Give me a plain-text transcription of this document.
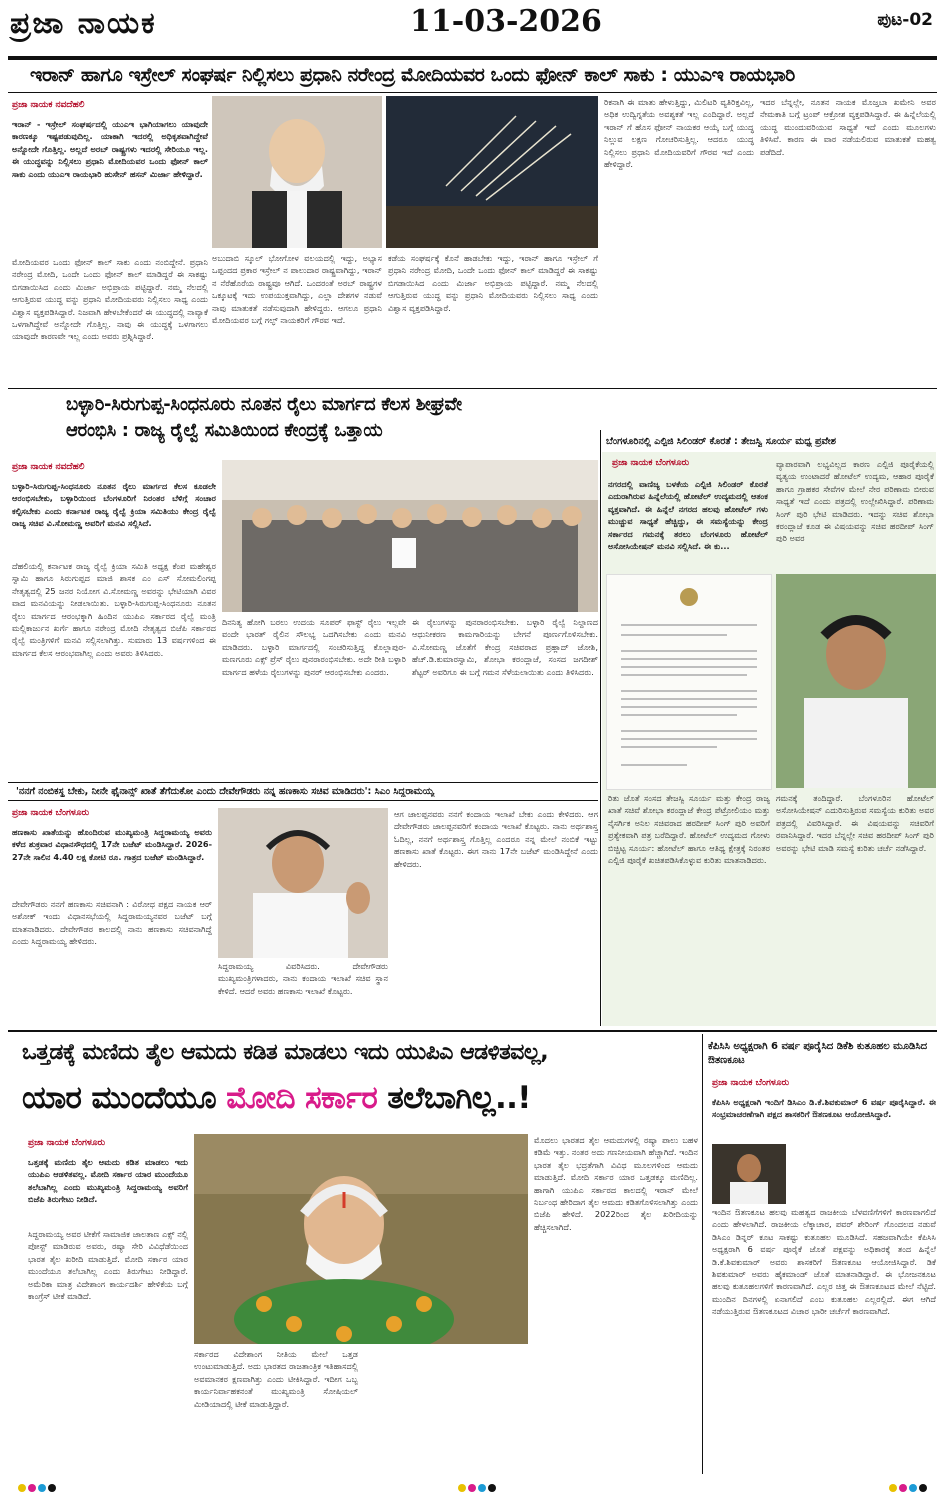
ಪ್ರಜಾ ನಾಯಕ	11-03-2026	ಪುಟ-02
ಇರಾನ್ ಹಾಗೂ ಇಸ್ರೇಲ್ ಸಂಘರ್ಷ ನಿಲ್ಲಿಸಲು ಪ್ರಧಾನಿ ನರೇಂದ್ರ ಮೋದಿಯವರ ಒಂದು ಫೋನ್ ಕಾಲ್ ಸಾಕು : ಯುಎಇ ರಾಯಭಾರಿ
ಪ್ರಜಾ ನಾಯಕ ನವದೆಹಲಿ
ಇರಾನ್ - ಇಸ್ರೇಲ್ ಸಂಘರ್ಷದಲ್ಲಿ ಯುಎಇ ಭಾಗಿಯಾಗಲು ಯಾವುದೇ ಕಾರಣಕ್ಕೂ ಇಷ್ಟಪಡುವುದಿಲ್ಲ. ಯಾಕಾಗಿ ಇದರಲ್ಲಿ ಅಧಿಕೃತವಾಗಿದ್ದೇವೆ ಅನ್ನೋದೇ ಗೊತ್ತಿಲ್ಲ. ಅಲ್ಲದೆ ಅರಬ್ ರಾಷ್ಟ್ರಗಳು ಇದರಲ್ಲಿ ಸೇರಿಯೂ ಇಲ್ಲ. ಈ ಯುದ್ಧವನ್ನು ನಿಲ್ಲಿಸಲು ಪ್ರಧಾನಿ ಮೋದಿಯವರ ಒಂದು ಫೋನ್ ಕಾಲ್ ಸಾಕು ಎಂದು ಯುಎಇ ರಾಯಭಾರಿ ಹುಸೇನ್ ಹಸನ್ ಮಿರ್ಜಾ ಹೇಳಿದ್ದಾರೆ.
ಮೋದಿಯವರ ಒಂದು ಫೋನ್ ಕಾಲ್ ಸಾಕು ಎಂದು ನಂಬಿದ್ದೇನೆ. ಪ್ರಧಾನಿ ನರೇಂದ್ರ ಮೋದಿ, ಒಂದೇ ಒಂದು ಫೋನ್ ಕಾಲ್ ಮಾಡಿದ್ದರೆ ಈ ಸಾಕಷ್ಟು ಬಿಗಡಾಯಿಸಿದ ಎಂದು ಮಿರ್ಜಾ ಅಭಿಪ್ರಾಯ ಪಟ್ಟಿದ್ದಾರೆ. ನಮ್ಮ ನೆಲದಲ್ಲಿ ಆಗುತ್ತಿರುವ ಯುದ್ಧ ವನ್ನು ಪ್ರಧಾನಿ ಮೋದಿಯವರು ನಿಲ್ಲಿಸಲು ಸಾಧ್ಯ ಎಂದು ವಿಶ್ವಾಸ ವ್ಯಕ್ತಪಡಿಸಿದ್ದಾರೆ. ನಿಜವಾಗಿ ಹೇಳಬೇಕೆಂದರೆ ಈ ಯುದ್ಧದಲ್ಲಿ ನಾವ್ಯಾಕೆ ಒಳಗಾಗಿದ್ದೇವೆ ಅನ್ನೋದೇ ಗೊತ್ತಿಲ್ಲ. ನಾವು ಈ ಯುದ್ಧಕ್ಕೆ ಒಳಗಾಗಲು ಯಾವುದೇ ಕಾರಣವೇ ಇಲ್ಲ ಎಂದು ಅವರು ಪ್ರಶ್ನಿಸಿದ್ದಾರೆ.
ಅಬುದಾಬಿ ಸ್ಕೂಲ್ ಭೋಗೋಳ ವಲಯದಲ್ಲಿ ಇದ್ದು, ಅಭ್ಯಾಸ ಒಪ್ಪಂದದ ಪ್ರಕಾರ ಇಸ್ರೇಲ್ ನ ಪಾಲುದಾರ ರಾಷ್ಟ್ರವಾಗಿದ್ದು, ಇರಾನ್ ನ ನೆರೆಹೊರೆಯ ರಾಷ್ಟ್ರವೂ ಆಗಿದೆ. ಒಂದರಂತೆ ಅರಬ್ ರಾಷ್ಟ್ರಗಳ ಒಕ್ಕೂಟಕ್ಕೆ ಇದು ಉಪಯುಕ್ತವಾಗಿದ್ದು, ಎಲ್ಲಾ ದೇಶಗಳ ನಡುವೆ ನಾವು ಮಾತುಕತೆ ನಡೆಸುವುದಾಗಿ ಹೇಳಿದ್ದರು. ಆಗಲೂ ಪ್ರಧಾನಿ ಮೋದಿಯವರ ಬಗ್ಗೆ ಗಲ್ಫ್ ನಾಯಕರಿಗೆ ಗೌರವ ಇದೆ.
ಕಡೆಯ ಸಂಘರ್ಷಕ್ಕೆ ಕೊನೆ ಹಾಡಬೇಕು ಇದ್ದು, ಇರಾನ್ ಹಾಗೂ ಇಸ್ರೇಲ್ ಗೆ ಪ್ರಧಾನಿ ನರೇಂದ್ರ ಮೋದಿ, ಒಂದೇ ಒಂದು ಫೋನ್ ಕಾಲ್ ಮಾಡಿದ್ದರೆ ಈ ಸಾಕಷ್ಟು ಬಿಗಡಾಯಿಸಿದ ಎಂದು ಮಿರ್ಜಾ ಅಭಿಪ್ರಾಯ ಪಟ್ಟಿದ್ದಾರೆ. ನಮ್ಮ ನೆಲದಲ್ಲಿ ಆಗುತ್ತಿರುವ ಯುದ್ಧ ವನ್ನು ಪ್ರಧಾನಿ ಮೋದಿಯವರು ನಿಲ್ಲಿಸಲು ಸಾಧ್ಯ ಎಂದು ವಿಶ್ವಾಸ ವ್ಯಕ್ತಪಡಿಸಿದ್ದಾರೆ.
ರಿಕನಾಗಿ ಈ ಮಾತು ಹೇಳುತ್ತಿದ್ದು, ಮಿಲಿಟರಿ ವ್ಯತಿರಿಕ್ತವಿಲ್ಲ, ಅಧಿಕ ಉದ್ವಿಗ್ನತೆಯ ಅವಶ್ಯಕತೆ ಇಲ್ಲ ಎಂದಿದ್ದಾರೆ. ಅಲ್ಲದೆ ಇರಾನ್ ಗೆ ಹೊಸ ಫೋನ್ ನಾಯಕರ ಆಯ್ಕೆ ಬಗ್ಗೆ ಯುದ್ಧ ನಿಲ್ಲುವ ಲಕ್ಷಣ ಗೋಚರಿಸುತ್ತಿಲ್ಲ. ಆದರೂ ಯುದ್ಧ ನಿಲ್ಲಿಸಲು ಪ್ರಧಾನಿ ಮೋದಿಯವರಿಗೆ ಗೌರವ ಇದೆ ಎಂದು ಹೇಳಿದ್ದಾರೆ.
ಇದರ ಬೆನ್ನಲ್ಲೇ, ನೂತನ ನಾಯಕ ಮೊಜ್ತಬಾ ಖಮೇನಿ ಅವರ ನೇಮಕಾತಿ ಬಗ್ಗೆ ಟ್ರಂಪ್ ಆಕ್ರೋಶ ವ್ಯಕ್ತಪಡಿಸಿದ್ದಾರೆ. ಈ ಹಿನ್ನೆಲೆಯಲ್ಲಿ ಯುದ್ಧ ಮುಂದುವರಿಯುವ ಸಾಧ್ಯತೆ ಇದೆ ಎಂದು ಮೂಲಗಳು ತಿಳಿಸಿವೆ. ಕಾರಣ ಈ ವಾರ ನಡೆಯಲಿರುವ ಮಾತುಕತೆ ಮಹತ್ವ ಪಡೆದಿದೆ.
ಬಳ್ಳಾರಿ-ಸಿರುಗುಪ್ಪ-ಸಿಂಧನೂರು ನೂತನ ರೈಲು ಮಾರ್ಗದ ಕೆಲಸ ಶೀಘ್ರವೇ
ಆರಂಭಿಸಿ : ರಾಜ್ಯ ರೈಲ್ವೆ ಸಮಿತಿಯಿಂದ ಕೇಂದ್ರಕ್ಕೆ ಒತ್ತಾಯ
ಪ್ರಜಾ ನಾಯಕ ನವದೆಹಲಿ
ಬಳ್ಳಾರಿ-ಸಿರುಗುಪ್ಪ-ಸಿಂಧನೂರು ನೂತನ ರೈಲು ಮಾರ್ಗದ ಕೆಲಸ ಕೂಡಲೇ ಆರಂಭಿಸಬೇಕು, ಬಳ್ಳಾರಿಯಿಂದ ಬೆಂಗಳೂರಿಗೆ ನಿರಂತರ ಬೆಳಿಗ್ಗೆ ಸಂಚಾರ ಕಲ್ಪಿಸಬೇಕು ಎಂದು ಕರ್ನಾಟಕ ರಾಜ್ಯ ರೈಲ್ವೆ ಕ್ರಿಯಾ ಸಮಿತಿಯು ಕೇಂದ್ರ ರೈಲ್ವೆ ರಾಜ್ಯ ಸಚಿವ ವಿ.ಸೋಮಣ್ಣ ಅವರಿಗೆ ಮನವಿ ಸಲ್ಲಿಸಿದೆ.
ದೆಹಲಿಯಲ್ಲಿ ಕರ್ನಾಟಕ ರಾಜ್ಯ ರೈಲ್ವೆ ಕ್ರಿಯಾ ಸಮಿತಿ ಅಧ್ಯಕ್ಷ ಕೆಂಪ ಮಹೇಶ್ವರ ಸ್ವಾಮಿ ಹಾಗೂ ಸಿರುಗುಪ್ಪದ ಮಾಜಿ ಶಾಸಕ ಎಂ ಎಸ್ ಸೋಮಲಿಂಗಪ್ಪ ನೇತೃತ್ವದಲ್ಲಿ 25 ಜನರ ನಿಯೋಗ ವಿ.ಸೋಮಣ್ಣ ಅವರನ್ನು ಭೇಟಿಯಾಗಿ ವಿವರ ವಾದ ಮನವಿಯನ್ನು ನೀಡಲಾಯಿತು. ಬಳ್ಳಾರಿ-ಸಿರುಗುಪ್ಪ-ಸಿಂಧನೂರು ನೂತನ ರೈಲು ಮಾರ್ಗದ ಆರಂಭಕ್ಕಾಗಿ ಹಿಂದಿನ ಯುಪಿಎ ಸರ್ಕಾರದ ರೈಲ್ವೆ ಮಂತ್ರಿ ಮಲ್ಲಿಕಾರ್ಜುನ ಖರ್ಗೆ ಹಾಗೂ ನರೇಂದ್ರ ಮೋದಿ ನೇತೃತ್ವದ ಬಿಜೆಪಿ ಸರ್ಕಾರದ ರೈಲ್ವೆ ಮಂತ್ರಿಗಳಿಗೆ ಮನವಿ ಸಲ್ಲಿಸಲಾಗಿತ್ತು. ಸುಮಾರು 13 ವರ್ಷಗಳಿಂದ ಈ ಮಾರ್ಗದ ಕೆಲಸ ಆರಂಭವಾಗಿಲ್ಲ ಎಂದು ಅವರು ತಿಳಿಸಿದರು.
ದಿನನಿತ್ಯ ಹೋಗಿ ಬರಲು ಉದಯ ಸೂಪರ್ ಫಾಸ್ಟ್ ರೈಲು ಇಲ್ಲವೇ ವಂದೇ ಭಾರತ್ ರೈಲಿನ ಸೌಲಭ್ಯ ಒದಗಿಸಬೇಕು ಎಂದು ಮನವಿ ಮಾಡಿದರು. ಬಳ್ಳಾರಿ ಮಾರ್ಗದಲ್ಲಿ ಸಂಚರಿಸುತ್ತಿದ್ದ ಕೊಲ್ಲಾಪುರ-ಮಣಗೂರು ಎಕ್ಸ್ ಪ್ರೆಸ್ ರೈಲು ಪುನರಾರಂಭಿಸಬೇಕು. ಅದೇ ರೀತಿ ಬಳ್ಳಾರಿ ಮಾರ್ಗದ ಹಳೆಯ ರೈಲುಗಳನ್ನು ಪುನರ್ ಆರಂಭಿಸಬೇಕು ಎಂದರು.
ಈ ರೈಲುಗಳನ್ನು ಪುನರಾರಂಭಿಸಬೇಕು. ಬಳ್ಳಾರಿ ರೈಲ್ವೆ ನಿಲ್ದಾಣದ ಆಧುನೀಕರಣ ಕಾಮಗಾರಿಯನ್ನು ಬೇಗನೆ ಪೂರ್ಣಗೊಳಿಸಬೇಕು. ವಿ.ಸೋಮಣ್ಣ ಜೊತೆಗೆ ಕೇಂದ್ರ ಸಚಿವರಾದ ಪ್ರಹ್ಲಾದ್ ಜೋಶಿ, ಹೆಚ್.ಡಿ.ಕುಮಾರಸ್ವಾಮಿ, ಶೋಭಾ ಕರಂದ್ಲಾಜೆ, ಸಂಸದ ಜಗದೀಶ್ ಶೆಟ್ಟರ್ ಅವರಿಗೂ ಈ ಬಗ್ಗೆ ಗಮನ ಸೆಳೆಯಲಾಯಿತು ಎಂದು ತಿಳಿಸಿದರು.
'ನನಗೆ ನಂಬಿಕಸ್ಥ ಬೇಕು, ನೀನೇ ಫೈನಾನ್ಸ್ ಖಾತೆ ತೆಗೆದುಕೋ ಎಂದು ದೇವೇಗೌಡರು ನನ್ನ ಹಣಕಾಸು ಸಚಿವ ಮಾಡಿದರು': ಸಿಎಂ ಸಿದ್ದರಾಮಯ್ಯ
ಪ್ರಜಾ ನಾಯಕ ಬೆಂಗಳೂರು
ಹಣಕಾಸು ಖಾತೆಯನ್ನು ಹೊಂದಿರುವ ಮುಖ್ಯಮಂತ್ರಿ ಸಿದ್ದರಾಮಯ್ಯ ಅವರು ಕಳೆದ ಶುಕ್ರವಾರ ವಿಧಾನಸೌಧದಲ್ಲಿ 17ನೇ ಬಜೆಟ್ ಮಂಡಿಸಿದ್ದಾರೆ. 2026-27ನೇ ಸಾಲಿನ 4.40 ಲಕ್ಷ ಕೋಟಿ ರೂ. ಗಾತ್ರದ ಬಜೆಟ್ ಮಂಡಿಸಿದ್ದಾರೆ.
ದೇವೇಗೌಡರು ನನಗೆ ಹಣಕಾಸು ಸಚಿವನಾಗಿ : ವಿರೋಧ ಪಕ್ಷದ ನಾಯಕ ಆರ್ ಅಶೋಕ್ ಇಂದು ವಿಧಾನಸಭೆಯಲ್ಲಿ ಸಿದ್ದರಾಮಯ್ಯನವರ ಬಜೆಟ್ ಬಗ್ಗೆ ಮಾತನಾಡಿದರು. ದೇವೇಗೌಡರ ಕಾಲದಲ್ಲಿ ನಾನು ಹಣಕಾಸು ಸಚಿವನಾಗಿದ್ದೆ ಎಂದು ಸಿದ್ದರಾಮಯ್ಯ ಹೇಳಿದರು.
ಸಿದ್ದರಾಮಯ್ಯ ವಿವರಿಸಿದರು. ದೇವೇಗೌಡರು ಮುಖ್ಯಮಂತ್ರಿಗಳಾದರು, ನಾನು ಕಂದಾಯ ಇಲಾಖೆ ಸಚಿವ ಸ್ಥಾನ ಕೇಳಿದೆ. ಆದರೆ ಅವರು ಹಣಕಾಸು ಇಲಾಖೆ ಕೊಟ್ಟರು.
ಆಗ ಜಾಲಪ್ಪನವರು ನನಗೆ ಕಂದಾಯ ಇಲಾಖೆ ಬೇಕು ಎಂದು ಕೇಳಿದರು. ಆಗ ದೇವೇಗೌಡರು ಜಾಲಪ್ಪನವರಿಗೆ ಕಂದಾಯ ಇಲಾಖೆ ಕೊಟ್ಟರು. ನಾನು ಅರ್ಥಶಾಸ್ತ್ರ ಓದಿಲ್ಲ, ನನಗೆ ಅರ್ಥಶಾಸ್ತ್ರ ಗೊತ್ತಿಲ್ಲ ಎಂದರೂ ನನ್ನ ಮೇಲೆ ನಂಬಿಕೆ ಇಟ್ಟು ಹಣಕಾಸು ಖಾತೆ ಕೊಟ್ಟರು. ಈಗ ನಾನು 17ನೇ ಬಜೆಟ್ ಮಂಡಿಸಿದ್ದೇನೆ ಎಂದು ಹೇಳಿದರು.
ಬೆಂಗಳೂರಿನಲ್ಲಿ ಎಲ್ಪಿಜಿ ಸಿಲಿಂಡರ್ ಕೊರತೆ : ತೇಜಸ್ವಿ ಸೂರ್ಯ ಮಧ್ಯ ಪ್ರವೇಶ
ಪ್ರಜಾ ನಾಯಕ ಬೆಂಗಳೂರು
ನಗರದಲ್ಲಿ ವಾಣಿಜ್ಯ ಬಳಕೆಯ ಎಲ್ಪಿಜಿ ಸಿಲಿಂಡರ್ ಕೊರತೆ ಎದುರಾಗಿರುವ ಹಿನ್ನೆಲೆಯಲ್ಲಿ ಹೋಟೆಲ್ ಉದ್ಯಮದಲ್ಲಿ ಆತಂಕ ವ್ಯಕ್ತವಾಗಿದೆ. ಈ ಹಿನ್ನೆಲೆ ನಗರದ ಹಲವು ಹೋಟೆಲ್ ಗಳು ಮುಚ್ಚುವ ಸಾಧ್ಯತೆ ಹೆಚ್ಚಿದ್ದು, ಈ ಸಮಸ್ಯೆಯನ್ನು ಕೇಂದ್ರ ಸರ್ಕಾರದ ಗಮನಕ್ಕೆ ತರಲು ಬೆಂಗಳೂರು ಹೋಟೆಲ್ ಅಸೋಸಿಯೇಷನ್ ಮನವಿ ಸಲ್ಲಿಸಿದೆ. ಈ ಕು...
ವ್ಯಾಪಾರವಾಗಿ ಲಭ್ಯವಿಲ್ಲದ ಕಾರಣ ಎಲ್ಪಿಜಿ ಪೂರೈಕೆಯಲ್ಲಿ ವ್ಯತ್ಯಯ ಉಂಟಾದರೆ ಹೋಟೆಲ್ ಉದ್ಯಮ, ಆಹಾರ ಪೂರೈಕೆ ಹಾಗೂ ಗ್ರಾಹಕರ ಸೇವೆಗಳ ಮೇಲೆ ನೇರ ಪರಿಣಾಮ ಬೀರುವ ಸಾಧ್ಯತೆ ಇದೆ ಎಂದು ಪತ್ರದಲ್ಲಿ ಉಲ್ಲೇಖಿಸಿದ್ದಾರೆ. ಪರಿಣಾಮ ಸಿಂಗ್ ಪುರಿ ಭೇಟಿ ಮಾಡಿದರು. ಇದನ್ನು ಸಚಿವ ಶೋಭಾ ಕರಂದ್ಲಾಜೆ ಕೂಡ ಈ ವಿಷಯವನ್ನು ಸಚಿವ ಹರದೀಪ್ ಸಿಂಗ್ ಪುರಿ ಅವರ
ರಿತು ಜೊತೆ ಸಂಸದ ತೇಜಸ್ವಿ ಸೂರ್ಯ ಮತ್ತು ಕೇಂದ್ರ ರಾಜ್ಯ ಖಾತೆ ಸಚಿವೆ ಶೋಭಾ ಕರಂದ್ಲಾಜೆ ಕೇಂದ್ರ ಪೆಟ್ರೋಲಿಯಂ ಮತ್ತು ನೈಸರ್ಗಿಕ ಅನಿಲ ಸಚಿವರಾದ ಹರದೀಪ್ ಸಿಂಗ್ ಪುರಿ ಅವರಿಗೆ ಪ್ರತ್ಯೇಕವಾಗಿ ಪತ್ರ ಬರೆದಿದ್ದಾರೆ. ಹೋಟೆಲ್ ಉದ್ಯಮದ ಗೋಳು ಬಿಚ್ಚಿಟ್ಟ ಸೂರ್ಯ: ಹೋಟೆಲ್ ಹಾಗೂ ಆತಿಥ್ಯ ಕ್ಷೇತ್ರಕ್ಕೆ ನಿರಂತರ ಎಲ್ಪಿಜಿ ಪೂರೈಕೆ ಖಚಿತಪಡಿಸಿಕೊಳ್ಳುವ ಕುರಿತು ಮಾತನಾಡಿದರು.
ಗಮನಕ್ಕೆ ತಂದಿದ್ದಾರೆ. ಬೆಂಗಳೂರಿನ ಹೋಟೆಲ್ ಅಸೋಸಿಯೇಷನ್ ಎದುರಿಸುತ್ತಿರುವ ಸಮಸ್ಯೆಯ ಕುರಿತು ಅವರ ಪತ್ರದಲ್ಲಿ ವಿವರಿಸಿದ್ದಾರೆ. ಈ ವಿಷಯವನ್ನು ಸಚಿವರಿಗೆ ರವಾನಿಸಿದ್ದಾರೆ. ಇದರ ಬೆನ್ನಲ್ಲೇ ಸಚಿವ ಹರದೀಪ್ ಸಿಂಗ್ ಪುರಿ ಅವರನ್ನು ಭೇಟಿ ಮಾಡಿ ಸಮಸ್ಯೆ ಕುರಿತು ಚರ್ಚೆ ನಡೆಸಿದ್ದಾರೆ.
ಒತ್ತಡಕ್ಕೆ ಮಣಿದು ತೈಲ ಆಮದು ಕಡಿತ ಮಾಡಲು ಇದು ಯುಪಿಎ ಆಡಳಿತವಲ್ಲ,
ಯಾರ ಮುಂದೆಯೂ ಮೋದಿ ಸರ್ಕಾರ ತಲೆಬಾಗಿಲ್ಲ..!
ಪ್ರಜಾ ನಾಯಕ ಬೆಂಗಳೂರು
ಒತ್ತಡಕ್ಕೆ ಮಣಿದು ತೈಲ ಆಮದು ಕಡಿತ ಮಾಡಲು ಇದು ಯುಪಿಎ ಆಡಳಿತವಲ್ಲ. ಮೋದಿ ಸರ್ಕಾರ ಯಾರ ಮುಂದೆಯೂ ತಲೆಬಾಗಿಲ್ಲ ಎಂದು ಮುಖ್ಯಮಂತ್ರಿ ಸಿದ್ದರಾಮಯ್ಯ ಅವರಿಗೆ ಬಿಜೆಪಿ ತಿರುಗೇಟು ನೀಡಿದೆ.
ಸಿದ್ದರಾಮಯ್ಯ ಅವರ ಟೀಕೆಗೆ ಸಾಮಾಜಿಕ ಜಾಲತಾಣ ಎಕ್ಸ್ ನಲ್ಲಿ ಪೋಸ್ಟ್ ಮಾಡಿರುವ ಅವರು, ರಷ್ಯಾ ಸೇರಿ ವಿವಿಧೆಡೆಯಿಂದ ಭಾರತ ತೈಲ ಖರೀದಿ ಮಾಡುತ್ತಿದೆ. ಮೋದಿ ಸರ್ಕಾರ ಯಾರ ಮುಂದೆಯೂ ತಲೆಬಾಗಿಲ್ಲ ಎಂದು ತಿರುಗೇಟು ನೀಡಿದ್ದಾರೆ. ಅಮೆರಿಕಾ ಮಾತ್ರ ವಿದೇಶಾಂಗ ಕಾರ್ಯದರ್ಶಿ ಹೇಳಿಕೆಯ ಬಗ್ಗೆ ಕಾಂಗ್ರೆಸ್ ಟೀಕೆ ಮಾಡಿದೆ.
ಸರ್ಕಾರದ ವಿದೇಶಾಂಗ ನೀತಿಯ ಮೇಲೆ ಒತ್ತಡ ಉಂಟುಮಾಡುತ್ತಿದೆ. ಅದು ಭಾರತದ ರಾಜತಾಂತ್ರಿಕ ಇತಿಹಾಸದಲ್ಲಿ ಅವಮಾನಕರ ಕ್ಷಣವಾಗಿತ್ತು ಎಂದು ಟೀಕಿಸಿದ್ದಾರೆ. ಇದೀಗ ಒಬ್ಬ ಕಾರ್ಯನಿರ್ವಾಹಕನಂತೆ ಮುಖ್ಯಮಂತ್ರಿ ಸೋಷಿಯಲ್ ಮೀಡಿಯಾದಲ್ಲಿ ಟೀಕೆ ಮಾಡುತ್ತಿದ್ದಾರೆ.
ಮೊದಲು ಭಾರತದ ತೈಲ ಆಮದುಗಳಲ್ಲಿ ರಷ್ಯಾ ಪಾಲು ಬಹಳ ಕಡಿಮೆ ಇತ್ತು. ನಂತರ ಅದು ಗಣನೀಯವಾಗಿ ಹೆಚ್ಚಾಗಿದೆ. ಇಂದಿನ ಭಾರತ ತೈಲ ಭದ್ರತೆಗಾಗಿ ವಿವಿಧ ಮೂಲಗಳಿಂದ ಆಮದು ಮಾಡುತ್ತಿದೆ. ಮೋದಿ ಸರ್ಕಾರ ಯಾರ ಒತ್ತಡಕ್ಕೂ ಮಣಿದಿಲ್ಲ. ಹಾಗಾಗಿ ಯುಪಿಎ ಸರ್ಕಾರದ ಕಾಲದಲ್ಲಿ ಇರಾನ್ ಮೇಲೆ ನಿರ್ಬಂಧ ಹೇರಿದಾಗ ತೈಲ ಆಮದು ಕಡಿತಗೊಳಿಸಲಾಗಿತ್ತು ಎಂದು ಬಿಜೆಪಿ ಹೇಳಿದೆ. 2022ರಿಂದ ತೈಲ ಖರೀದಿಯನ್ನು ಹೆಚ್ಚಿಸಲಾಗಿದೆ.
ಕೆಪಿಸಿಸಿ ಅಧ್ಯಕ್ಷರಾಗಿ 6 ವರ್ಷ ಪೂರೈಸಿದ ಡಿಕೆಶಿ ಕುತೂಹಲ ಮೂಡಿಸಿದ ಔತಣಕೂಟ
ಪ್ರಜಾ ನಾಯಕ ಬೆಂಗಳೂರು
ಕೆಪಿಸಿಸಿ ಅಧ್ಯಕ್ಷರಾಗಿ ಇಂದಿಗೆ ಡಿಸಿಎಂ ಡಿ.ಕೆ.ಶಿವಕುಮಾರ್ 6 ವರ್ಷ ಪೂರೈಸಿದ್ದಾರೆ. ಈ ಸಂಭ್ರಮಾಚರಣೆಗಾಗಿ ಪಕ್ಷದ ಶಾಸಕರಿಗೆ ಔತಣಕೂಟ ಆಯೋಜಿಸಿದ್ದಾರೆ.
ಇಂದಿನ ಔತಣಕೂಟ ಹಲವು ಮಹತ್ವದ ರಾಜಕೀಯ ಬೆಳವಣಿಗೆಗಳಿಗೆ ಕಾರಣವಾಗಲಿದೆ ಎಂದು ಹೇಳಲಾಗಿದೆ. ರಾಜಕೀಯ ಲೆಕ್ಕಾಚಾರ, ಪವರ್ ಶೇರಿಂಗ್ ಗೊಂದಲದ ನಡುವೆ ಡಿಸಿಎಂ ಡಿನ್ನರ್ ಕೂಟ ಸಾಕಷ್ಟು ಕುತೂಹಲ ಮೂಡಿಸಿದೆ. ಸಹಜವಾಗಿಯೇ ಕೆಪಿಸಿಸಿ ಅಧ್ಯಕ್ಷರಾಗಿ 6 ವರ್ಷ ಪೂರೈಕೆ ಜೊತೆ ಪಕ್ಷವನ್ನು ಅಧಿಕಾರಕ್ಕೆ ತಂದ ಹಿನ್ನೆಲೆ ಡಿ.ಕೆ.ಶಿವಕುಮಾರ್ ಅವರು ಶಾಸಕರಿಗೆ ಔತಣಕೂಟ ಆಯೋಜಿಸಿದ್ದಾರೆ. ಡಿಕೆ ಶಿವಕುಮಾರ್ ಅವರು ಹೈಕಮಾಂಡ್ ಜೊತೆ ಮಾತನಾಡಿದ್ದಾರೆ. ಈ ಭೋಜನಕೂಟ ಹಲವು ಕುತೂಹಲಗಳಿಗೆ ಕಾರಣವಾಗಿದೆ. ಎಲ್ಲರ ಚಿತ್ತ ಈ ಔತಣಕೂಟದ ಮೇಲೆ ನೆಟ್ಟಿದೆ. ಮುಂದಿನ ದಿನಗಳಲ್ಲಿ ಏನಾಗಲಿದೆ ಎಂಬ ಕುತೂಹಲ ಎಲ್ಲರಲ್ಲಿದೆ. ಈಗ ಆಗಿದೆ ನಡೆಯುತ್ತಿರುವ ಔತಣಕೂಟದ ವಿಚಾರ ಭಾರೀ ಚರ್ಚೆಗೆ ಕಾರಣವಾಗಿದೆ.
